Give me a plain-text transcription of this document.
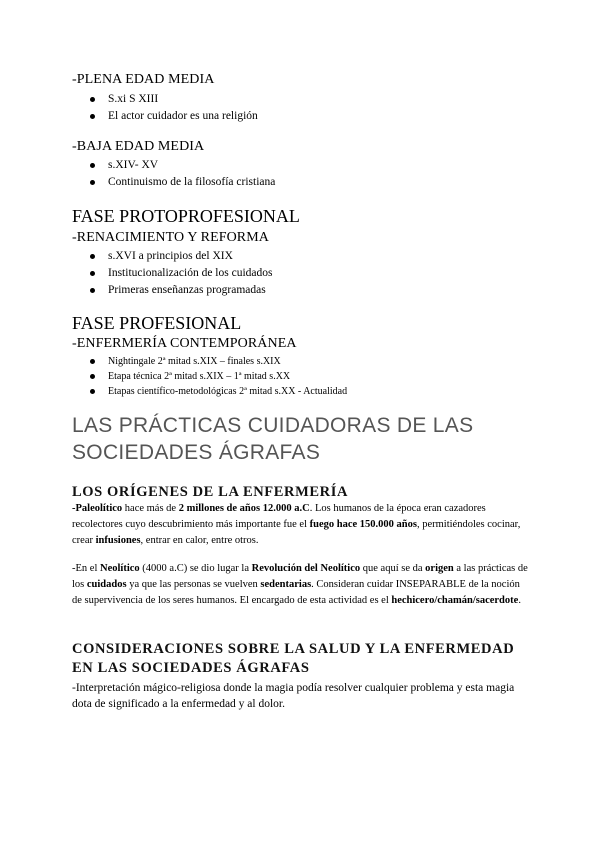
-PLENA EDAD MEDIA
S.xi S XIII
El actor cuidador es una religión
-BAJA EDAD MEDIA
s.XIV- XV
Continuismo de la filosofía cristiana
FASE PROTOPROFESIONAL
-RENACIMIENTO Y REFORMA
s.XVI a principios del XIX
Institucionalización de los cuidados
Primeras enseñanzas programadas
FASE PROFESIONAL
-ENFERMERÍA CONTEMPORÁNEA
Nightingale 2ª mitad s.XIX – finales s.XIX
Etapa técnica 2ª mitad s.XIX – 1ª mitad s.XX
Etapas científico-metodológicas 2ª mitad s.XX - Actualidad
LAS PRÁCTICAS CUIDADORAS DE LAS
SOCIEDADES ÁGRAFAS
LOS ORÍGENES DE LA ENFERMERÍA
-Paleolítico hace más de 2 millones de años 12.000 a.C. Los humanos de la época eran cazadores recolectores cuyo descubrimiento más importante fue el fuego hace 150.000 años, permitiéndoles cocinar, crear infusiones, entrar en calor, entre otros.
-En el Neolítico (4000 a.C) se dio lugar la Revolución del Neolítico que aquí se da origen a las prácticas de los cuidados ya que las personas se vuelven sedentarias. Consideran cuidar INSEPARABLE de la noción de supervivencia de los seres humanos. El encargado de esta actividad es el hechicero/chamán/sacerdote.
CONSIDERACIONES SOBRE LA SALUD Y LA ENFERMEDAD
EN LAS SOCIEDADES ÁGRAFAS
-Interpretación mágico-religiosa donde la magia podía resolver cualquier problema y esta magia dota de significado a la enfermedad y al dolor.
